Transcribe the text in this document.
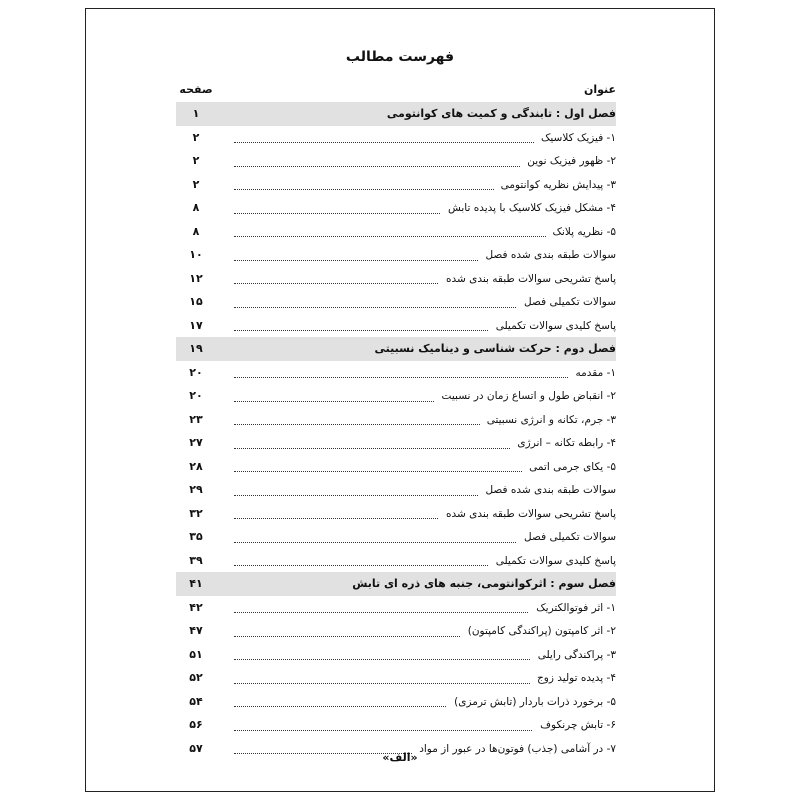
فهرست مطالب
عنوان
صفحه
فصل اول : تابندگی و کمیت های کوانتومی
۱
۱- فیزیک کلاسیک
۲
۲- ظهور فیزیک نوین
۲
۳- پیدایش نظریه کوانتومی
۲
۴- مشکل فیزیک کلاسیک با پدیده تابش
۸
۵- نظریه پلانک
۸
سوالات طبقه بندی شده فصل
۱۰
پاسخ تشریحی سوالات طبقه بندی شده
۱۲
سوالات تکمیلی فصل
۱۵
پاسخ کلیدی سوالات تکمیلی
۱۷
فصل دوم : حرکت شناسی و دینامیک نسبیتی
۱۹
۱- مقدمه
۲۰
۲- انقباض طول و اتساع زمان در نسبیت
۲۰
۳- جرم، تکانه و انرژی نسبیتی
۲۳
۴- رابطه تکانه – انرژی
۲۷
۵- یکای جرمی اتمی
۲۸
سوالات طبقه بندی شده فصل
۲۹
پاسخ تشریحی سوالات طبقه بندی شده
۳۲
سوالات تکمیلی فصل
۳۵
پاسخ کلیدی سوالات تکمیلی
۳۹
فصل سوم : اثرکوانتومی، جنبه های ذره ای تابش
۴۱
۱- اثر فوتوالکتریک
۴۲
۲- اثر کامپتون (پراکندگی کامپتون)
۴۷
۳- پراکندگی رایلی
۵۱
۴- پدیده تولید زوج
۵۲
۵- برخورد ذرات باردار (تابش ترمزی)
۵۴
۶- تابش چرنکوف
۵۶
۷- در آشامی (جذب) فوتون‌ها در عبور از مواد
۵۷
«الف»
